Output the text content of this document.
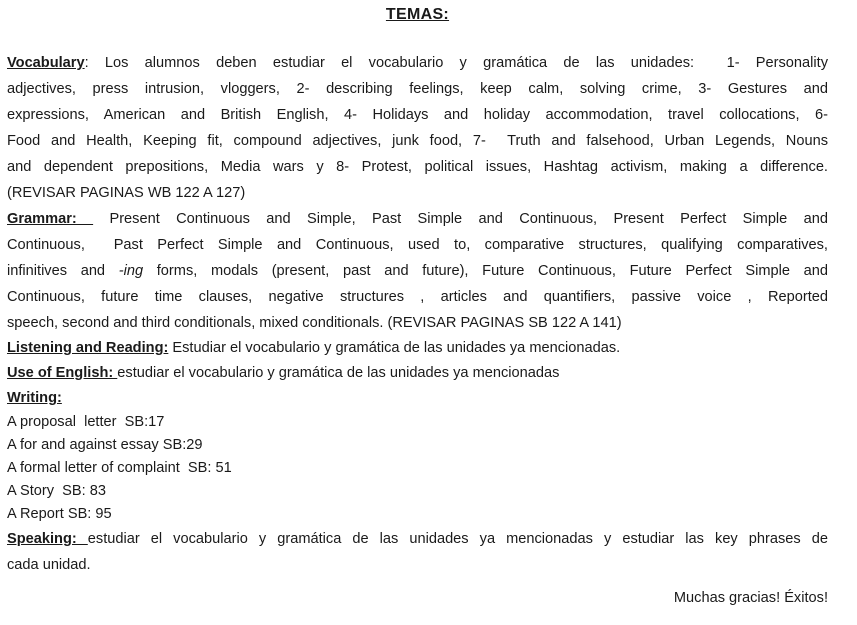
TEMAS:
Vocabulary: Los alumnos deben estudiar el vocabulario y gramática de las unidades:  1- Personality
adjectives, press intrusion, vloggers, 2- describing feelings, keep calm, solving crime, 3- Gestures and
expressions, American and British English, 4- Holidays and holiday accommodation, travel collocations, 6-
Food and Health, Keeping fit, compound adjectives, junk food, 7-  Truth and falsehood, Urban Legends, Nouns
and dependent prepositions, Media wars y 8- Protest, political issues, Hashtag activism, making a difference.
(REVISAR PAGINAS WB 122 A 127)
Grammar:  Present Continuous and Simple, Past Simple and Continuous, Present Perfect Simple and
Continuous,  Past Perfect Simple and Continuous, used to, comparative structures, qualifying comparatives,
infinitives and -ing forms, modals (present, past and future), Future Continuous, Future Perfect Simple and
Continuous, future time clauses, negative structures , articles and quantifiers, passive voice , Reported
speech, second and third conditionals, mixed conditionals. (REVISAR PAGINAS SB 122 A 141)
Listening and Reading: Estudiar el vocabulario y gramática de las unidades ya mencionadas.
Use of English: estudiar el vocabulario y gramática de las unidades ya mencionadas
Writing:
A proposal  letter  SB:17
A for and against essay SB:29
A formal letter of complaint  SB: 51
A Story  SB: 83
A Report SB: 95
Speaking: estudiar el vocabulario y gramática de las unidades ya mencionadas y estudiar las key phrases de
cada unidad.
Muchas gracias! Éxitos!
